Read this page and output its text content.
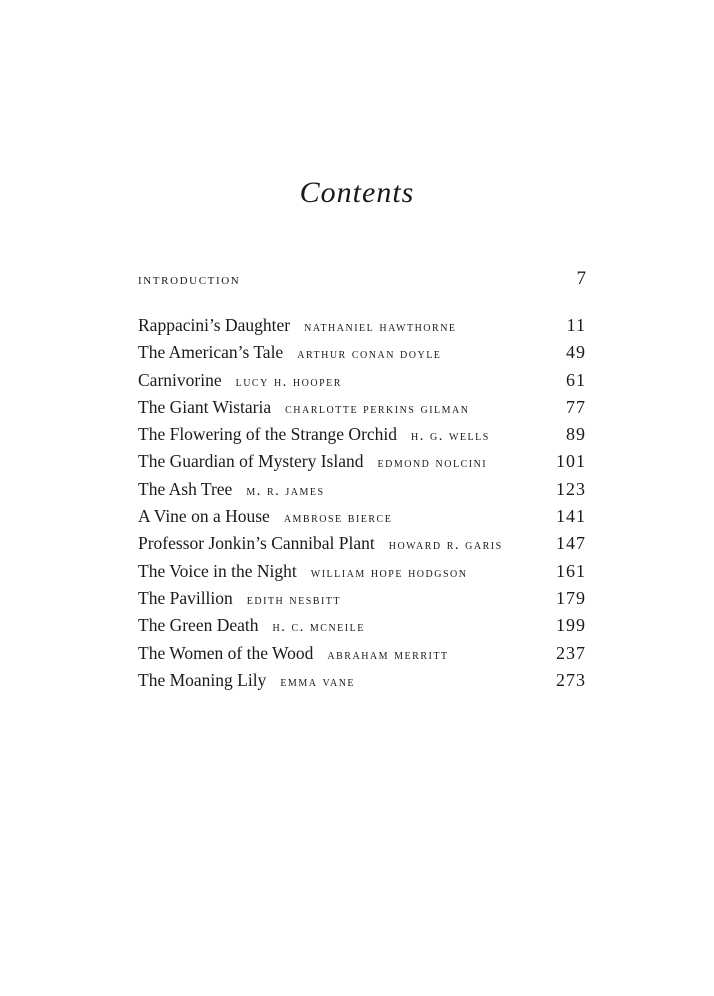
Contents
introduction	7
Rappacini’s Daughter nathaniel hawthorne	11
The American’s Tale arthur conan doyle	49
Carnivorine lucy h. hooper	61
The Giant Wistaria charlotte perkins gilman	77
The Flowering of the Strange Orchid h. g. wells	89
The Guardian of Mystery Island edmond nolcini	101
The Ash Tree m. r. james	123
A Vine on a House ambrose bierce	141
Professor Jonkin’s Cannibal Plant howard r. garis	147
The Voice in the Night william hope hodgson	161
The Pavillion edith nesbitt	179
The Green Death h. c. mcneile	199
The Women of the Wood abraham merritt	237
The Moaning Lily emma vane	273
